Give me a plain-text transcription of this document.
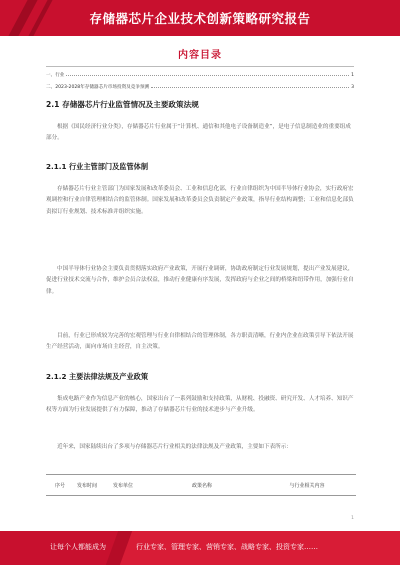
存储器芯片企业技术创新策略研究报告
内容目录
一、行业	1
二、2023-2028年存储器芯片市场投资及竞争预测	3
2.1 存储器芯片行业监管情况及主要政策法规
根据《国民经济行业分类》，存储器芯片行业属于“计算机、通信和其他电子设备制造业”，是电子信息制造业的重要组成部分。
2.1.1 行业主管部门及监管体制
存储器芯片行业主管部门为国家发展和改革委员会、工业和信息化部，行业自律组织为中国半导体行业协会，实行政府宏观调控和行业自律管理相结合的监管体制。国家发展和改革委员会负责制定产业政策，指导行业结构调整；工业和信息化部负责拟订行业规划、技术标准并组织实施。
中国半导体行业协会主要负责贯彻落实政府产业政策，开展行业调研，协助政府制定行业发展规划，提出产业发展建议，促进行业技术交流与合作，维护会员合法权益，推动行业健康有序发展，发挥政府与企业之间的桥梁和纽带作用，加强行业自律。
目前，行业已形成较为完善的宏观管理与行业自律相结合的管理体制，各方职责清晰，行业内企业在政策引导下依法开展生产经营活动，面向市场自主经营，自主决策。
2.1.2 主要法律法规及产业政策
集成电路产业作为信息产业的核心，国家出台了一系列鼓励和支持政策，从财税、投融资、研究开发、人才培养、知识产权等方面为行业发展提供了有力保障，推动了存储器芯片行业的技术进步与产业升级。
近年来，国家陆续出台了多项与存储器芯片行业相关的法律法规及产业政策，主要如下表所示：
序号	发布时间	发布单位	政策名称	与行业相关内容
1
让每个人都能成为	行业专家、管理专家、营销专家、战略专家、投资专家……
